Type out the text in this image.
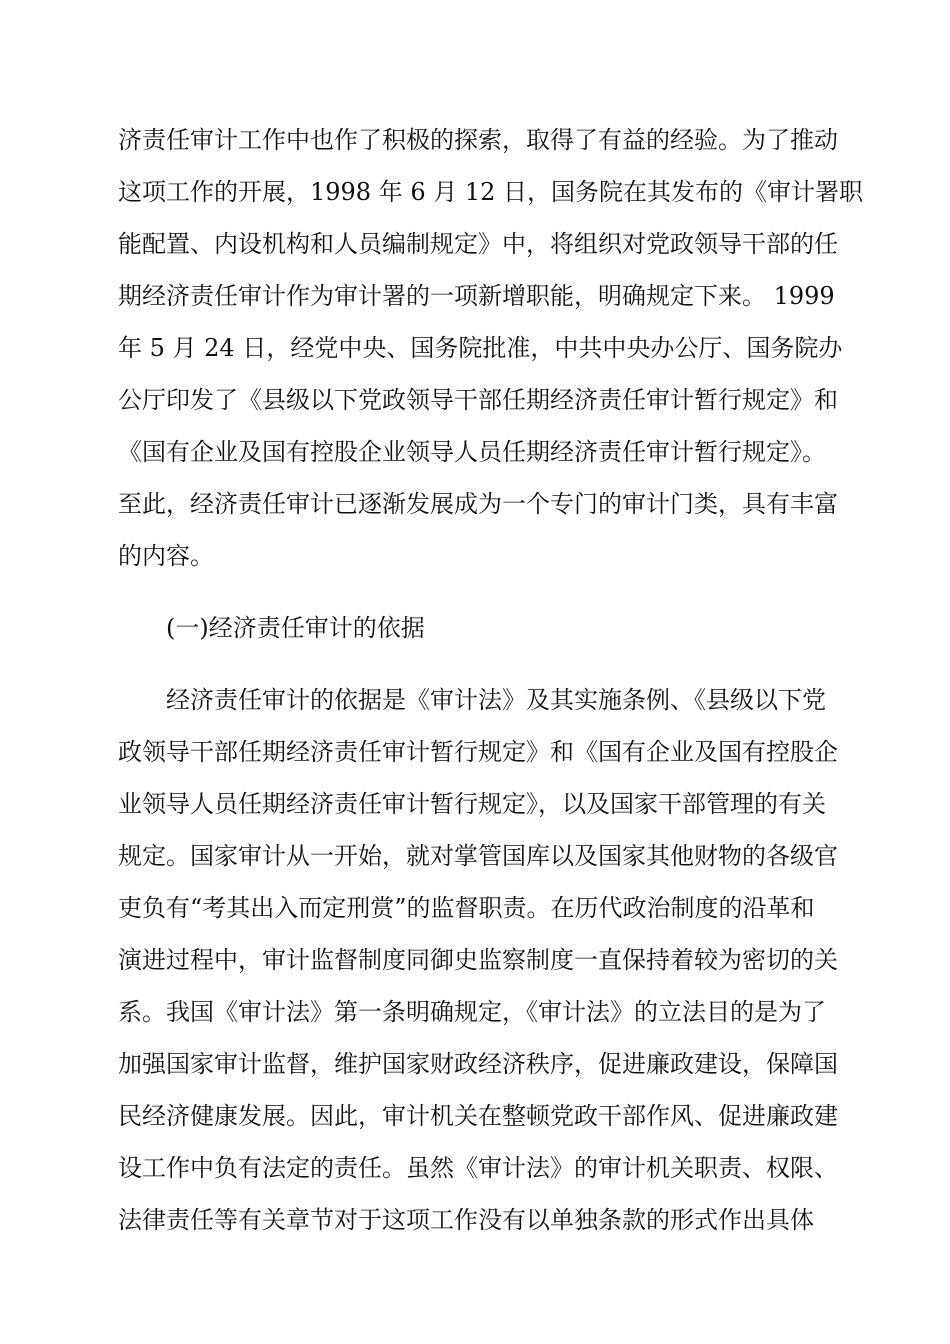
济责任审计工作中也作了积极的探索，取得了有益的经验。为了推动
这项工作的开展，1998 年 6 月 12 日，国务院在其发布的《审计署职
能配置、内设机构和人员编制规定》中，将组织对党政领导干部的任
期经济责任审计作为审计署的一项新增职能，明确规定下来。 1999
年 5 月 24 日，经党中央、国务院批准，中共中央办公厅、国务院办
公厅印发了《县级以下党政领导干部任期经济责任审计暂行规定》和
《国有企业及国有控股企业领导人员任期经济责任审计暂行规定》。
至此，经济责任审计已逐渐发展成为一个专门的审计门类，具有丰富
的内容。
(一)经济责任审计的依据
经济责任审计的依据是《审计法》及其实施条例、《县级以下党
政领导干部任期经济责任审计暂行规定》和《国有企业及国有控股企
业领导人员任期经济责任审计暂行规定》，以及国家干部管理的有关
规定。国家审计从一开始，就对掌管国库以及国家其他财物的各级官
吏负有“考其出入而定刑赏”的监督职责。在历代政治制度的沿革和
演进过程中，审计监督制度同御史监察制度一直保持着较为密切的关
系。我国《审计法》第一条明确规定，《审计法》的立法目的是为了
加强国家审计监督，维护国家财政经济秩序，促进廉政建设，保障国
民经济健康发展。因此，审计机关在整顿党政干部作风、促进廉政建
设工作中负有法定的责任。虽然《审计法》的审计机关职责、权限、
法律责任等有关章节对于这项工作没有以单独条款的形式作出具体
